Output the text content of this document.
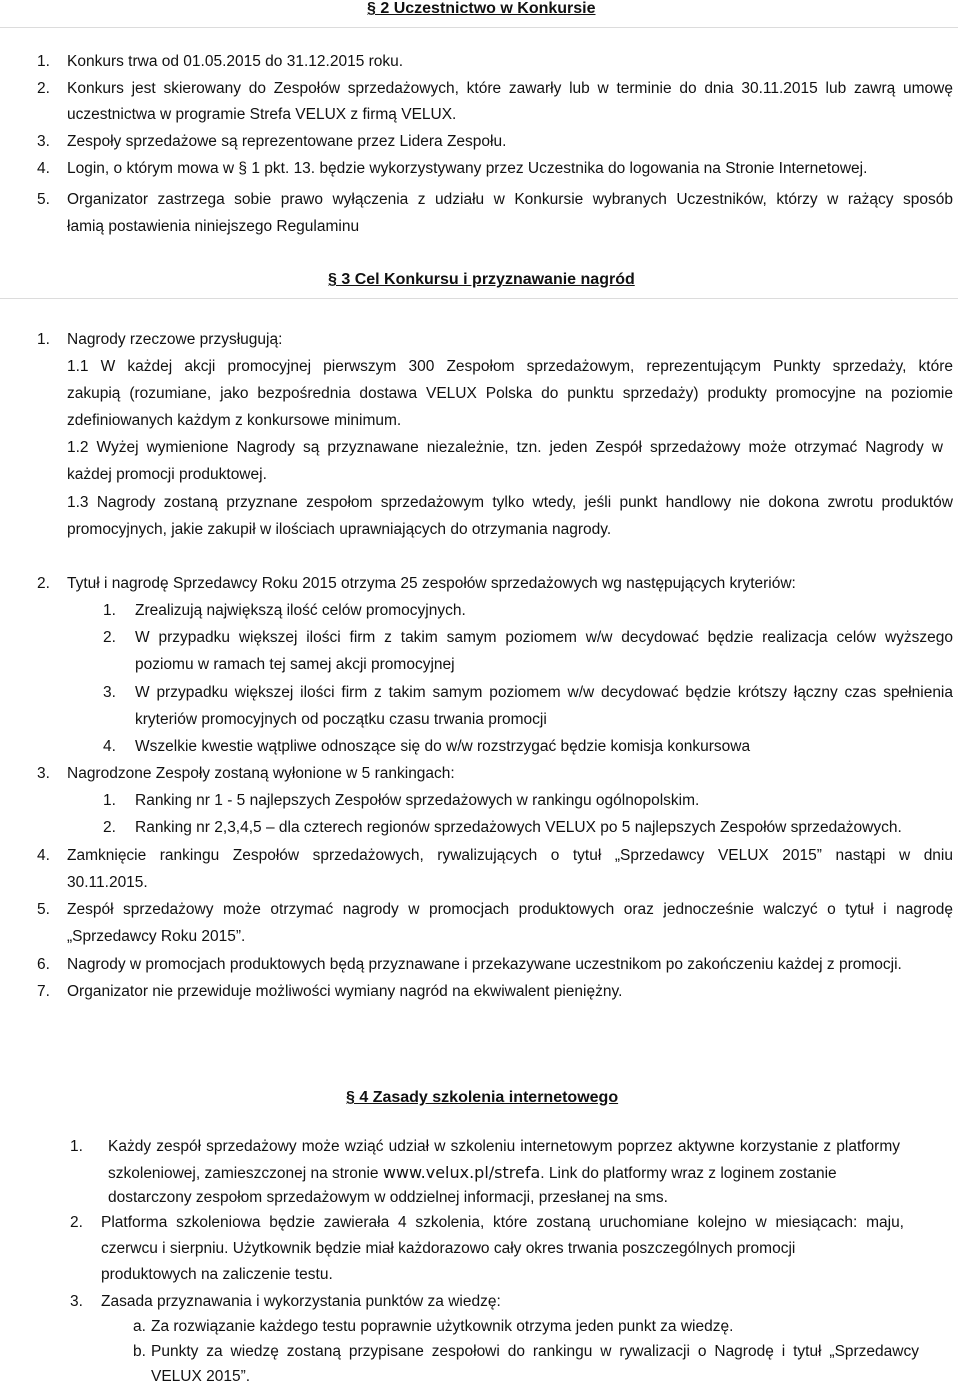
§ 2 Uczestnictwo w Konkursie
1. Konkurs trwa od 01.05.2015 do 31.12.2015 roku.
2. Konkurs jest skierowany do Zespołów sprzedażowych, które zawarły lub w terminie do dnia 30.11.2015 lub zawrą umowę
uczestnictwa w programie Strefa VELUX z firmą VELUX.
3. Zespoły sprzedażowe są reprezentowane przez Lidera Zespołu.
4. Login, o którym mowa w § 1 pkt. 13. będzie wykorzystywany przez Uczestnika do logowania na Stronie Internetowej.
5. Organizator zastrzega sobie prawo wyłączenia z udziału w Konkursie wybranych Uczestników, którzy w rażący sposób
łamią postawienia niniejszego Regulaminu
§ 3 Cel Konkursu i przyznawanie nagród
1. Nagrody rzeczowe przysługują:
1.1 W każdej akcji promocyjnej pierwszym 300 Zespołom sprzedażowym, reprezentującym Punkty sprzedaży, które
zakupią (rozumiane, jako bezpośrednia dostawa VELUX Polska do punktu sprzedaży) produkty promocyjne na poziomie
zdefiniowanych każdym z konkursowe minimum.
1.2 Wyżej wymienione Nagrody są przyznawane niezależnie, tzn. jeden Zespół sprzedażowy może otrzymać Nagrody w
każdej promocji produktowej.
1.3 Nagrody zostaną przyznane zespołom sprzedażowym tylko wtedy, jeśli punkt handlowy nie dokona zwrotu produktów
promocyjnych, jakie zakupił w ilościach uprawniających do otrzymania nagrody.
2. Tytuł i nagrodę Sprzedawcy Roku 2015 otrzyma 25 zespołów sprzedażowych wg następujących kryteriów:
1. Zrealizują największą ilość celów promocyjnych.
2. W przypadku większej ilości firm z takim samym poziomem w/w decydować będzie realizacja celów wyższego
poziomu w ramach tej samej akcji promocyjnej
3. W przypadku większej ilości firm z takim samym poziomem w/w decydować będzie krótszy łączny czas spełnienia
kryteriów promocyjnych od początku czasu trwania promocji
4. Wszelkie kwestie wątpliwe odnoszące się do w/w rozstrzygać będzie komisja konkursowa
3. Nagrodzone Zespoły zostaną wyłonione w 5 rankingach:
1. Ranking nr 1 - 5 najlepszych Zespołów sprzedażowych w rankingu ogólnopolskim.
2. Ranking nr 2,3,4,5 – dla czterech regionów sprzedażowych VELUX po 5 najlepszych Zespołów sprzedażowych.
4. Zamknięcie rankingu Zespołów sprzedażowych, rywalizujących o tytuł „Sprzedawcy VELUX 2015” nastąpi w dniu
30.11.2015.
5. Zespół sprzedażowy może otrzymać nagrody w promocjach produktowych oraz jednocześnie walczyć o tytuł i nagrodę
„Sprzedawcy Roku 2015”.
6. Nagrody w promocjach produktowych będą przyznawane i przekazywane uczestnikom po zakończeniu każdej z promocji.
7. Organizator nie przewiduje możliwości wymiany nagród na ekwiwalent pieniężny.
§ 4 Zasady szkolenia internetowego
1. Każdy zespół sprzedażowy może wziąć udział w szkoleniu internetowym poprzez aktywne korzystanie z platformy
szkoleniowej, zamieszczonej na stronie www.velux.pl/strefa. Link do platformy wraz z loginem zostanie
dostarczony zespołom sprzedażowym w oddzielnej informacji, przesłanej na sms.
2. Platforma szkoleniowa będzie zawierała 4 szkolenia, które zostaną uruchomiane kolejno w miesiącach: maju,
czerwcu i sierpniu. Użytkownik będzie miał każdorazowo cały okres trwania poszczególnych promocji
produktowych na zaliczenie testu.
3. Zasada przyznawania i wykorzystania punktów za wiedzę:
a. Za rozwiązanie każdego testu poprawnie użytkownik otrzyma jeden punkt za wiedzę.
b. Punkty za wiedzę zostaną przypisane zespołowi do rankingu w rywalizacji o Nagrodę i tytuł „Sprzedawcy
VELUX 2015”.
